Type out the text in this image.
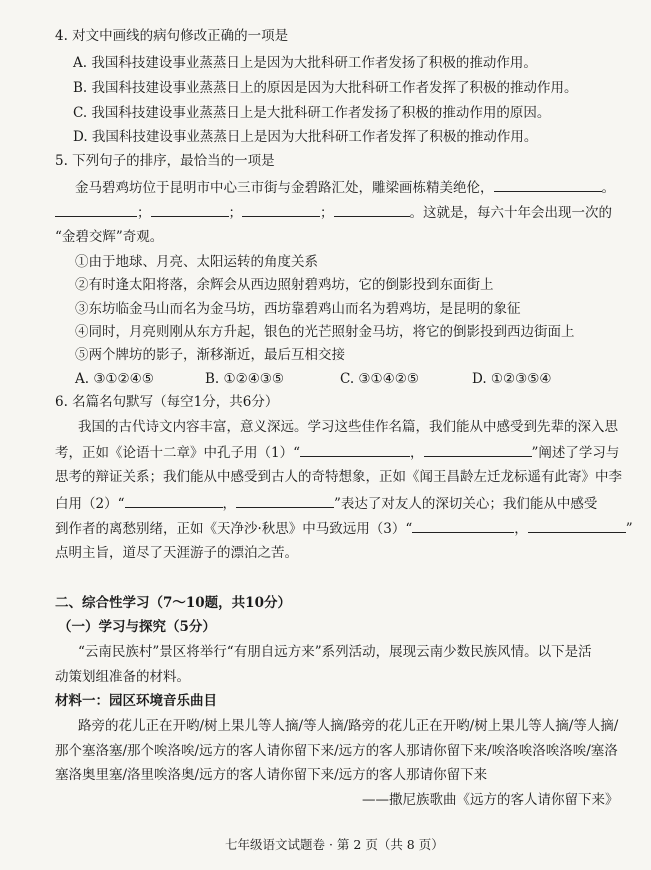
4. 对文中画线的病句修改正确的一项是
A. 我国科技建设事业蒸蒸日上是因为大批科研工作者发扬了积极的推动作用。
B. 我国科技建设事业蒸蒸日上的原因是因为大批科研工作者发挥了积极的推动作用。
C. 我国科技建设事业蒸蒸日上是大批科研工作者发扬了积极的推动作用的原因。
D. 我国科技建设事业蒸蒸日上是因为大批科研工作者发挥了积极的推动作用。
5. 下列句子的排序，最恰当的一项是
金马碧鸡坊位于昆明市中心三市街与金碧路汇处，雕梁画栋精美绝伦，	。
；	；	；	。这就是，每六十年会出现一次的
“金碧交辉”奇观。
①由于地球、月亮、太阳运转的角度关系
②有时逢太阳将落，余辉会从西边照射碧鸡坊，它的倒影投到东面街上
③东坊临金马山而名为金马坊，西坊靠碧鸡山而名为碧鸡坊，是昆明的象征
④同时，月亮则刚从东方升起，银色的光芒照射金马坊，将它的倒影投到西边街面上
⑤两个牌坊的影子，渐移渐近，最后互相交接
A. ③①②④⑤	B. ①②④③⑤	C. ③①④②⑤	D. ①②③⑤④
6. 名篇名句默写（每空1分，共6分）
我国的古代诗文内容丰富，意义深远。学习这些佳作名篇，我们能从中感受到先辈的深入思
考，正如《论语十二章》中孔子用（1）“	，	”阐述了学习与
思考的辩证关系；我们能从中感受到古人的奇特想象，正如《闻王昌龄左迁龙标遥有此寄》中李
白用（2）“	，	”表达了对友人的深切关心；我们能从中感受
到作者的离愁别绪，正如《天净沙·秋思》中马致远用（3）“	，	”
点明主旨，道尽了天涯游子的漂泊之苦。
二、综合性学习（7～10题，共10分）
（一）学习与探究（5分）
“云南民族村”景区将举行“有朋自远方来”系列活动，展现云南少数民族风情。以下是活
动策划组准备的材料。
材料一：园区环境音乐曲目
路旁的花儿正在开哟/树上果儿等人摘/等人摘/路旁的花儿正在开哟/树上果儿等人摘/等人摘/
那个塞洛塞/那个唉洛唉/远方的客人请你留下来/远方的客人那请你留下来/唉洛唉洛唉洛唉/塞洛
塞洛奥里塞/洛里唉洛奥/远方的客人请你留下来/远方的客人那请你留下来
——撒尼族歌曲《远方的客人请你留下来》
七年级语文试题卷 · 第 2 页（共 8 页）
